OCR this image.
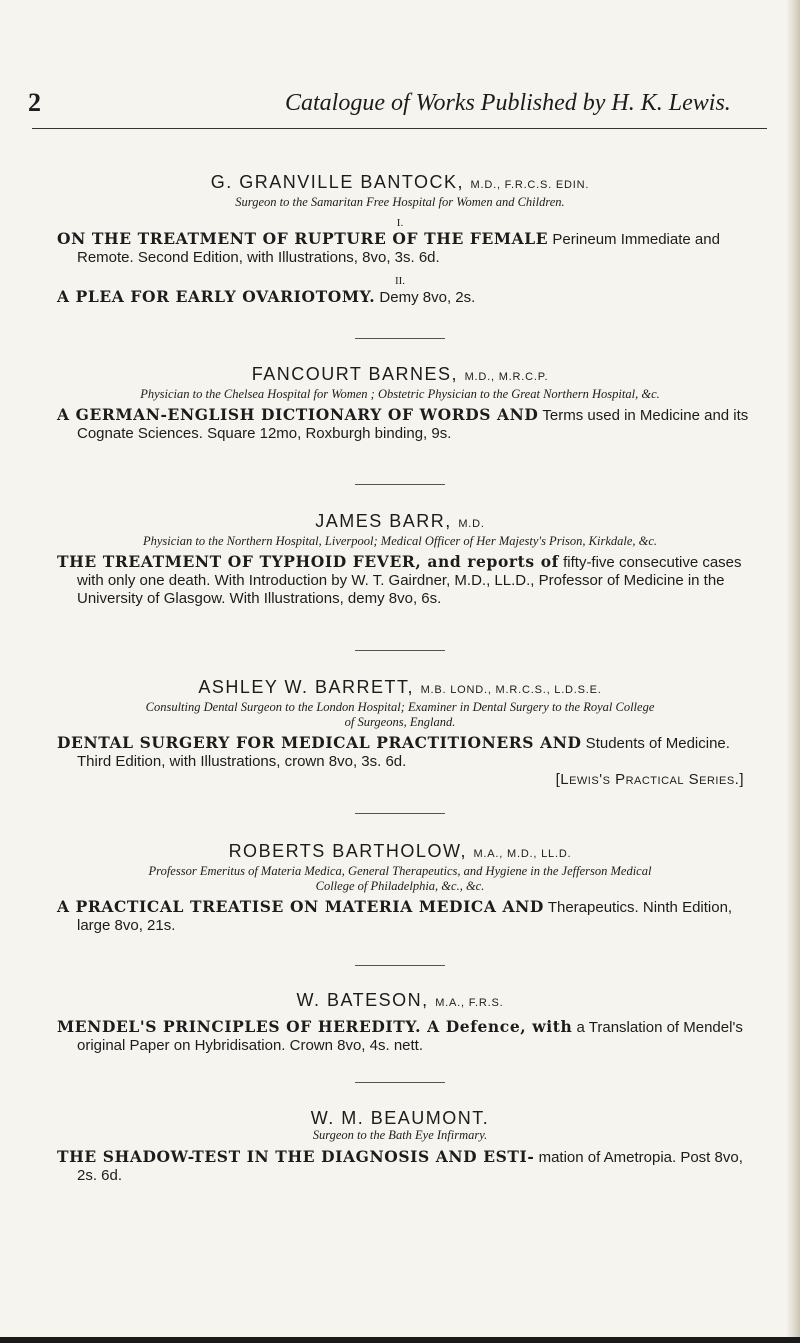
2	Catalogue of Works Published by H. K. Lewis.
G. GRANVILLE BANTOCK, M.D., F.R.C.S. EDIN.
Surgeon to the Samaritan Free Hospital for Women and Children.
I.
ON THE TREATMENT OF RUPTURE OF THE FEMALE Perineum Immediate and Remote. Second Edition, with Illustrations, 8vo, 3s. 6d.
II.
A PLEA FOR EARLY OVARIOTOMY. Demy 8vo, 2s.
FANCOURT BARNES, M.D., M.R.C.P.
Physician to the Chelsea Hospital for Women ; Obstetric Physician to the Great Northern Hospital, &c.
A GERMAN-ENGLISH DICTIONARY OF WORDS AND Terms used in Medicine and its Cognate Sciences. Square 12mo, Roxburgh binding, 9s.
JAMES BARR, M.D.
Physician to the Northern Hospital, Liverpool; Medical Officer of Her Majesty's Prison, Kirkdale, &c.
THE TREATMENT OF TYPHOID FEVER, and reports of fifty-five consecutive cases with only one death. With Introduction by W. T. Gairdner, M.D., LL.D., Professor of Medicine in the University of Glasgow. With Illustrations, demy 8vo, 6s.
ASHLEY W. BARRETT, M.B. LOND., M.R.C.S., L.D.S.E.
Consulting Dental Surgeon to the London Hospital; Examiner in Dental Surgery to the Royal College
of Surgeons, England.
DENTAL SURGERY FOR MEDICAL PRACTITIONERS AND Students of Medicine. Third Edition, with Illustrations, crown 8vo, 3s. 6d.
[Lewis's Practical Series.]
ROBERTS BARTHOLOW, M.A., M.D., LL.D.
Professor Emeritus of Materia Medica, General Therapeutics, and Hygiene in the Jefferson Medical
College of Philadelphia, &c., &c.
A PRACTICAL TREATISE ON MATERIA MEDICA AND Therapeutics. Ninth Edition, large 8vo, 21s.
W. BATESON, M.A., F.R.S.
MENDEL'S PRINCIPLES OF HEREDITY. A Defence, with a Translation of Mendel's original Paper on Hybridisation. Crown 8vo, 4s. nett.
W. M. BEAUMONT.
Surgeon to the Bath Eye Infirmary.
THE SHADOW-TEST IN THE DIAGNOSIS AND ESTI- mation of Ametropia. Post 8vo, 2s. 6d.
